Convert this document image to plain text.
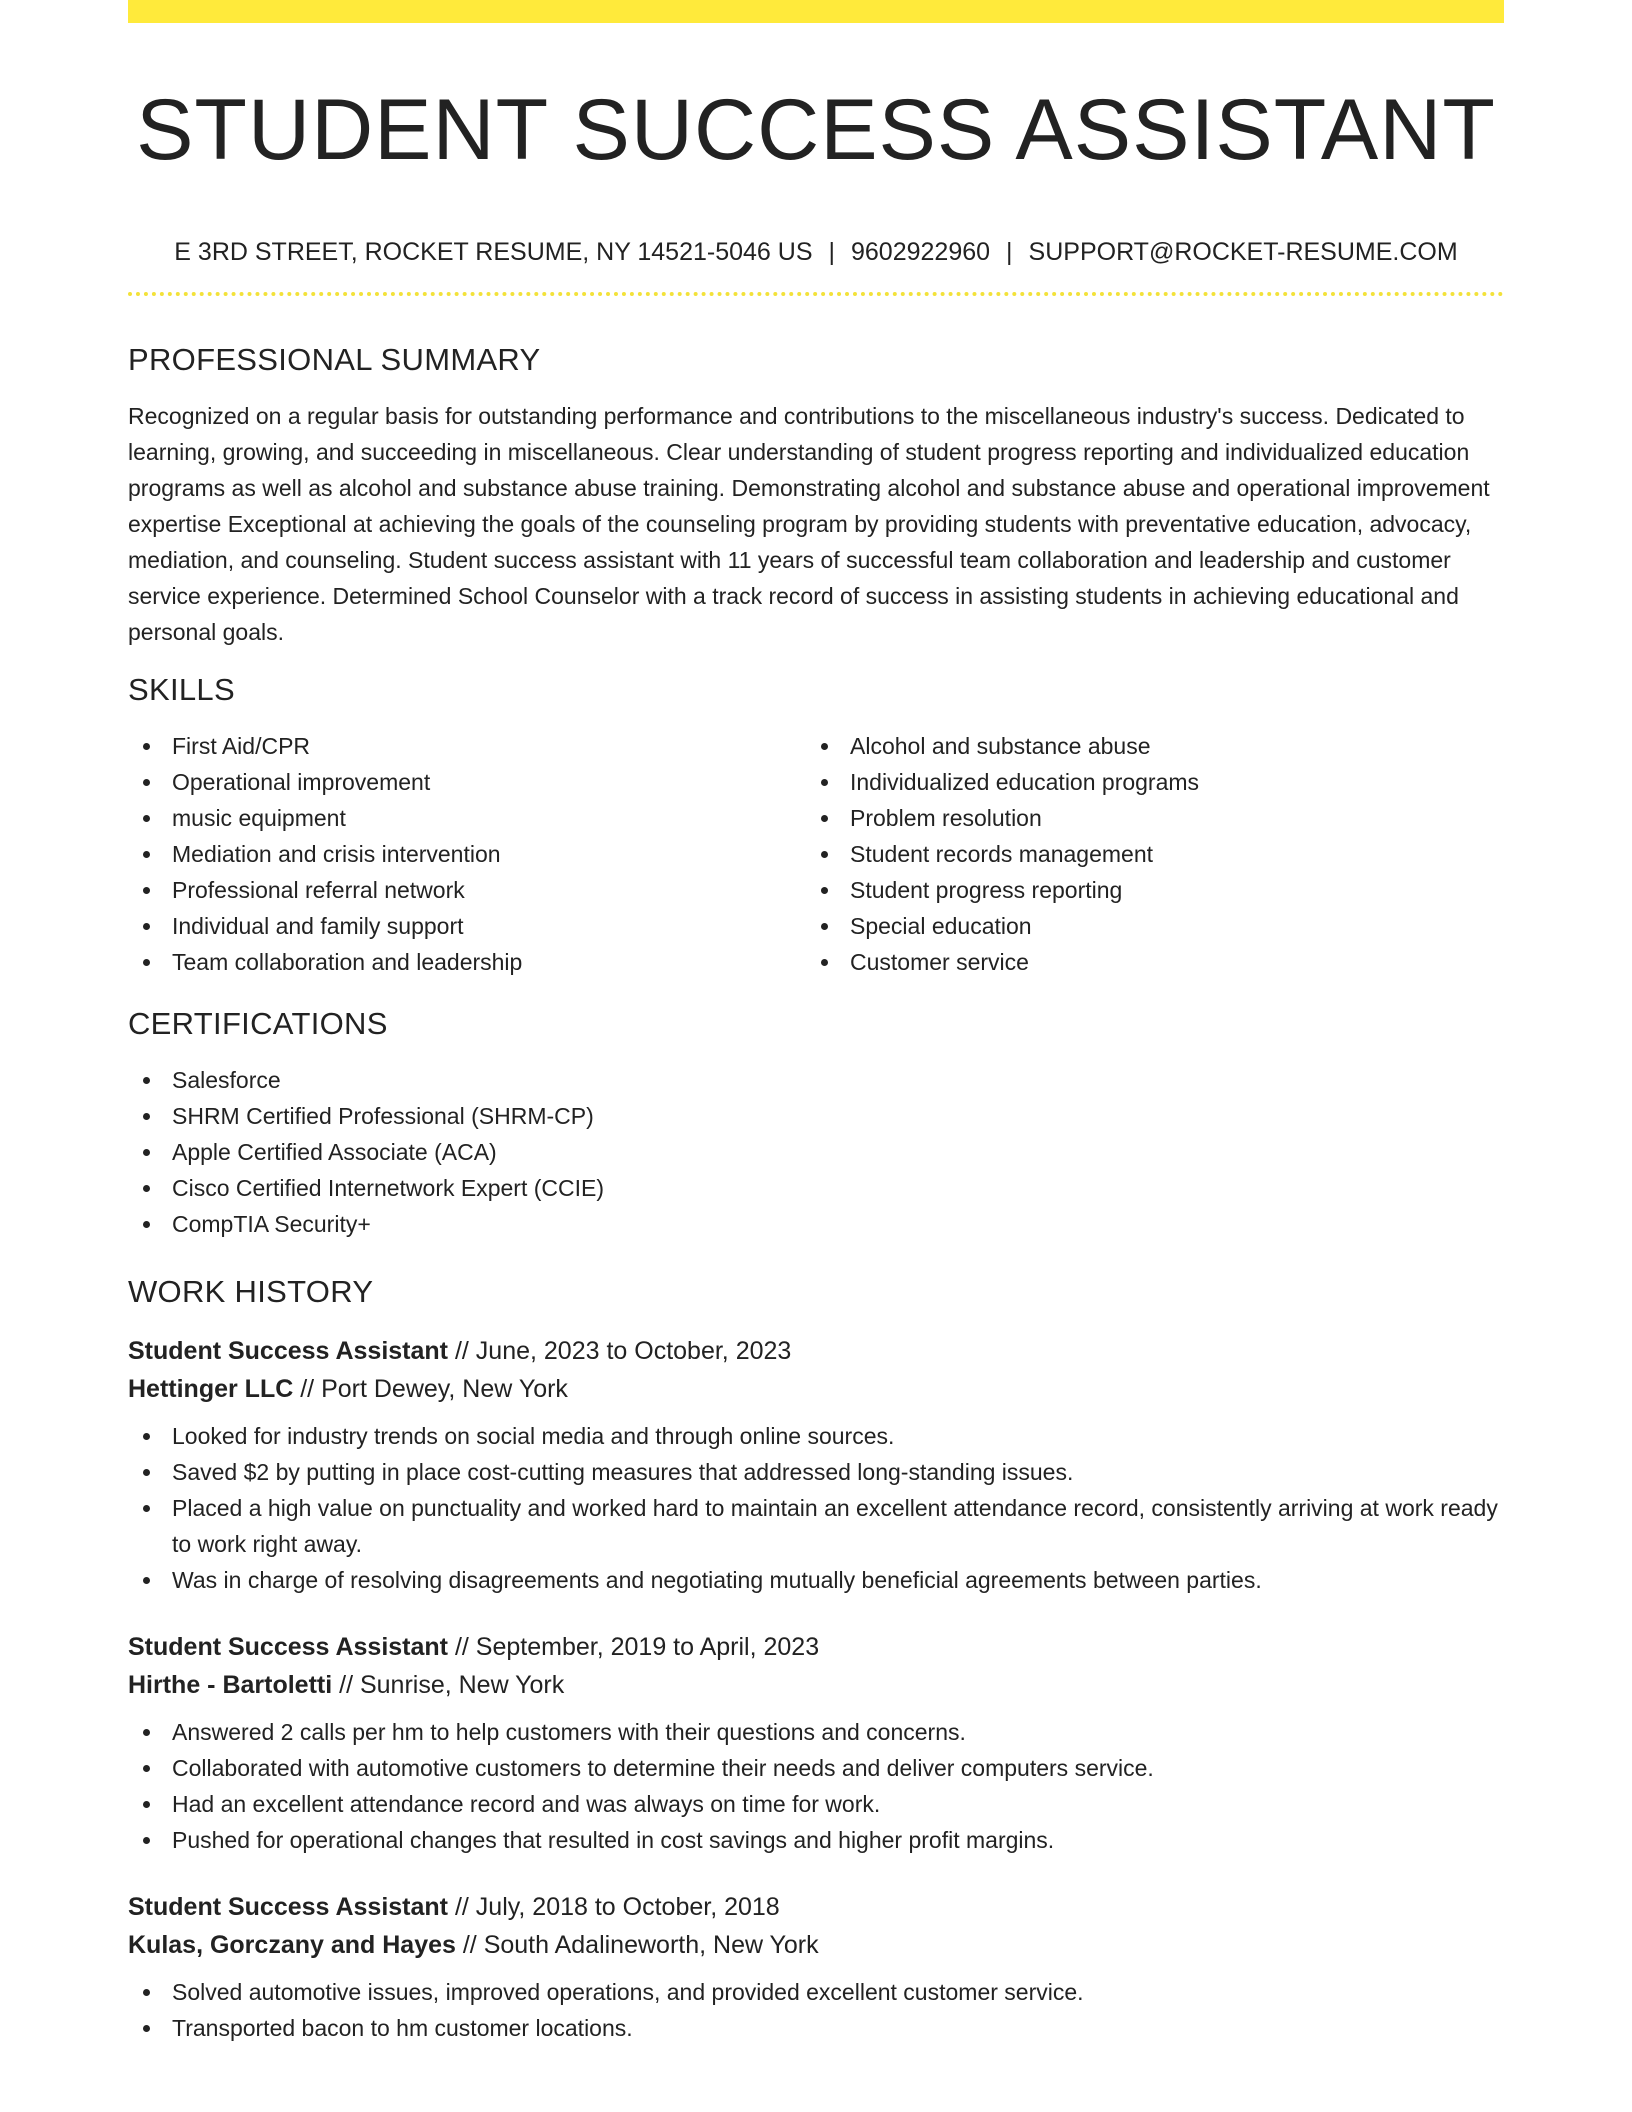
STUDENT SUCCESS ASSISTANT
E 3RD STREET, ROCKET RESUME, NY 14521-5046 US | 9602922960 | SUPPORT@ROCKET-RESUME.COM
PROFESSIONAL SUMMARY

Recognized on a regular basis for outstanding performance and contributions to the miscellaneous industry's success. Dedicated to learning, growing, and succeeding in miscellaneous. Clear understanding of student progress reporting and individualized education programs as well as alcohol and substance abuse training. Demonstrating alcohol and substance abuse and operational improvement expertise Exceptional at achieving the goals of the counseling program by providing students with preventative education, advocacy, mediation, and counseling. Student success assistant with 11 years of successful team collaboration and leadership and customer service experience. Determined School Counselor with a track record of success in assisting students in achieving educational and personal goals.

SKILLS
First Aid/CPR
Operational improvement
music equipment
Mediation and crisis intervention
Professional referral network
Individual and family support
Team collaboration and leadership
Alcohol and substance abuse
Individualized education programs
Problem resolution
Student records management
Student progress reporting
Special education
Customer service
CERTIFICATIONS
Salesforce
SHRM Certified Professional (SHRM-CP)
Apple Certified Associate (ACA)
Cisco Certified Internetwork Expert (CCIE)
CompTIA Security+
WORK HISTORY
Student Success Assistant // June, 2023 to October, 2023
Hettinger LLC // Port Dewey, New York
Looked for industry trends on social media and through online sources.
Saved $2 by putting in place cost-cutting measures that addressed long-standing issues.
Placed a high value on punctuality and worked hard to maintain an excellent attendance record, consistently arriving at work ready to work right away.
Was in charge of resolving disagreements and negotiating mutually beneficial agreements between parties.
Student Success Assistant // September, 2019 to April, 2023
Hirthe - Bartoletti // Sunrise, New York
Answered 2 calls per hm to help customers with their questions and concerns.
Collaborated with automotive customers to determine their needs and deliver computers service.
Had an excellent attendance record and was always on time for work.
Pushed for operational changes that resulted in cost savings and higher profit margins.
Student Success Assistant // July, 2018 to October, 2018
Kulas, Gorczany and Hayes // South Adalineworth, New York
Solved automotive issues, improved operations, and provided excellent customer service.
Transported bacon to hm customer locations.
